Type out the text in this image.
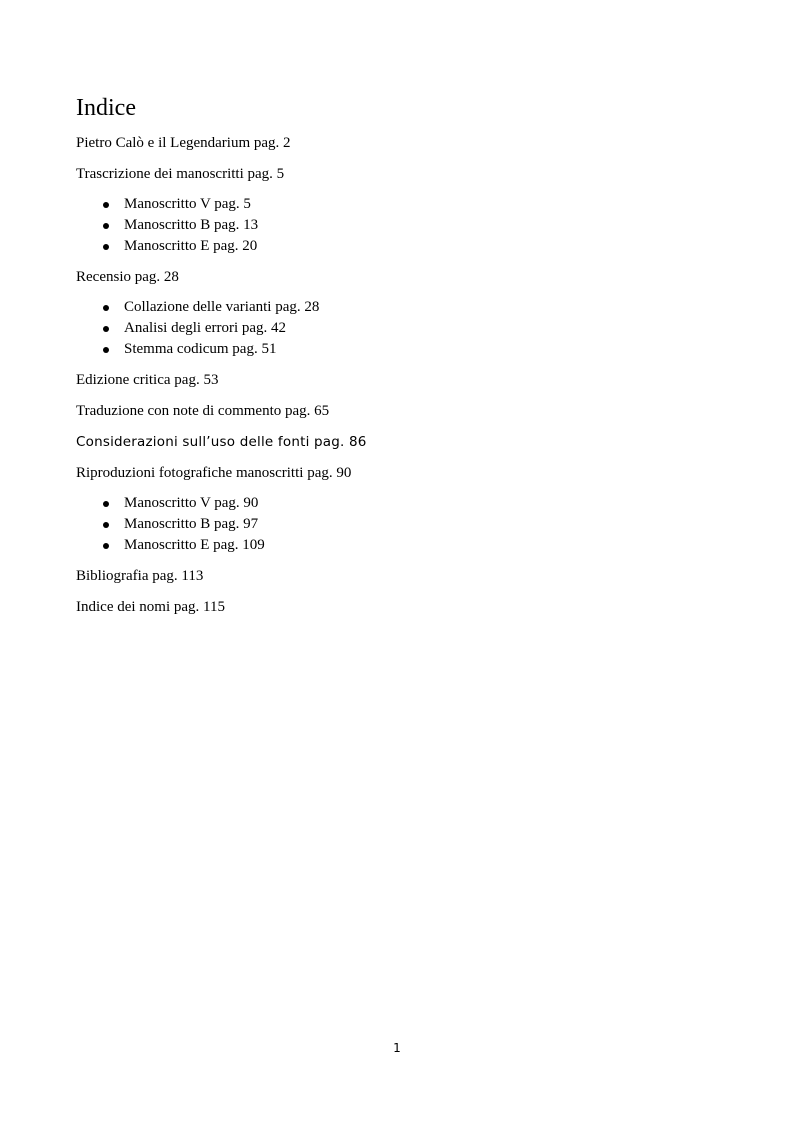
Indice
Pietro Calò e il Legendarium pag. 2
Trascrizione dei manoscritti pag. 5
Manoscritto V pag. 5
Manoscritto B pag. 13
Manoscritto E pag. 20
Recensio pag. 28
Collazione delle varianti pag. 28
Analisi degli errori pag. 42
Stemma codicum pag. 51
Edizione critica pag. 53
Traduzione con note di commento pag. 65
Considerazioni sull’uso delle fonti pag. 86
Riproduzioni fotografiche manoscritti pag. 90
Manoscritto V pag. 90
Manoscritto B pag. 97
Manoscritto E pag. 109
Bibliografia pag. 113
Indice dei nomi pag. 115
1
